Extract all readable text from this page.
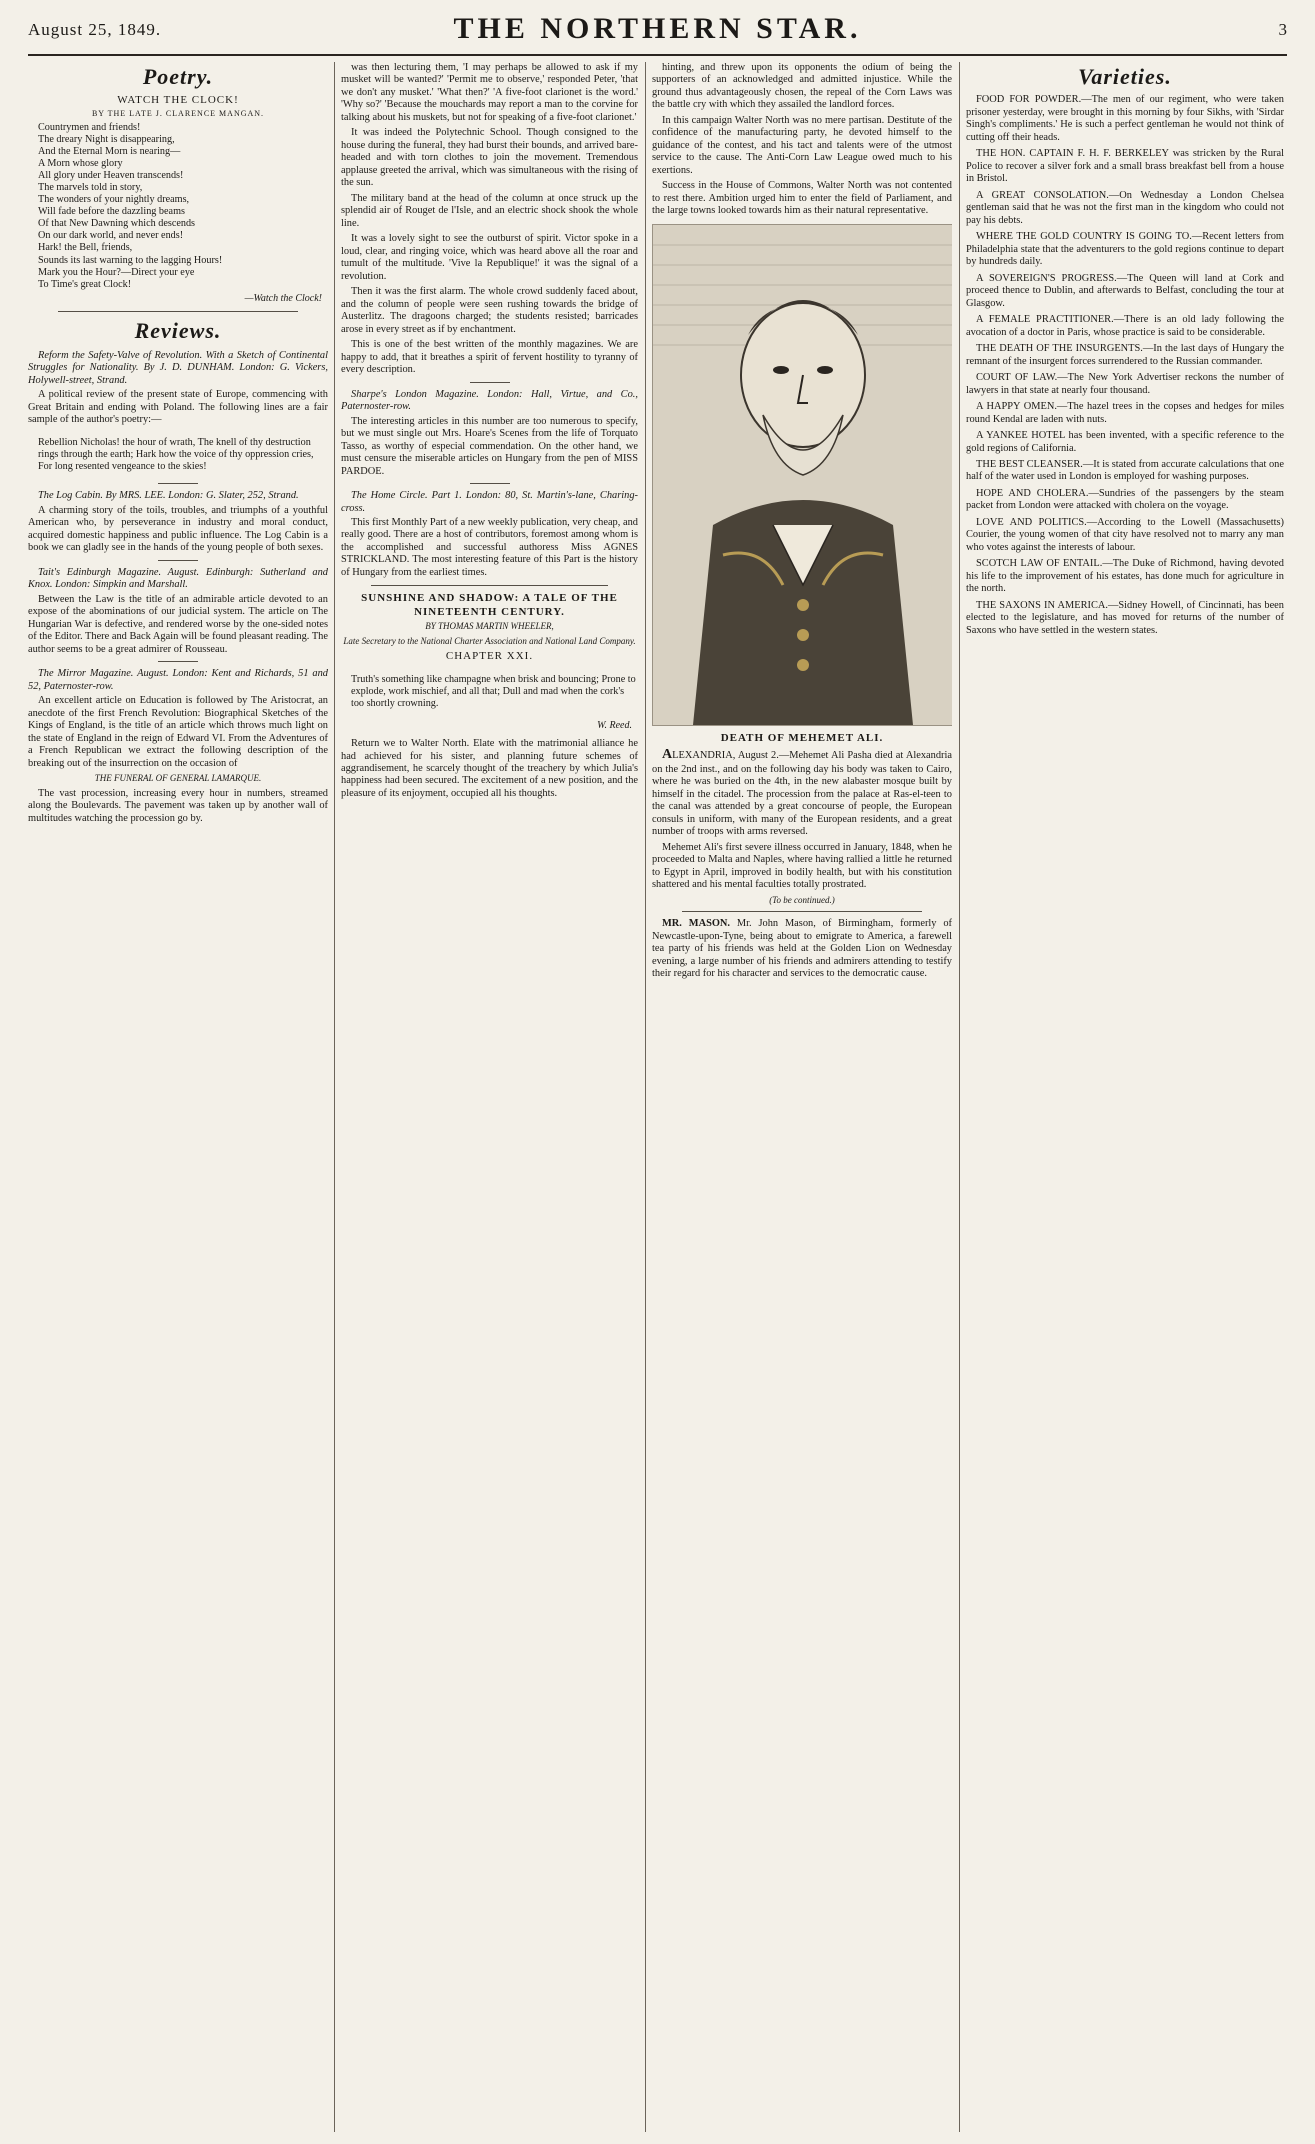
August 25, 1849.	THE NORTHERN STAR.	3
Poetry.
WATCH THE CLOCK!
BY THE LATE J. CLARENCE MANGAN.

Countrymen and friends!

The dreary Night is disappearing,

And the Eternal Morn is nearing—

A Morn whose glory

All glory under Heaven transcends!

The marvels told in story,

The wonders of your nightly dreams,

Will fade before the dazzling beams

Of that New Dawning which descends

On our dark world, and never ends!

Hark! the Bell, friends,

Sounds its last warning to the lagging Hours!

Mark you the Hour?—Direct your eye

To Time's great Clock!

—Watch the Clock!
Reviews.

Reform the Safety-Valve of Revolution. With a Sketch of Continental Struggles for Nationality. By J. D. DUNHAM. London: G. Vickers, Holywell-street, Strand.

A political review of the present state of Europe, commencing with Great Britain and ending with Poland. The following lines are a fair sample of the author's poetry:—

Rebellion Nicholas! the hour of wrath, The knell of thy destruction rings through the earth; Hark how the voice of thy oppression cries, For long resented vengeance to the skies!

The Log Cabin. By MRS. LEE. London: G. Slater, 252, Strand.

A charming story of the toils, troubles, and triumphs of a youthful American who, by perseverance in industry and moral conduct, acquired domestic happiness and public influence. The Log Cabin is a book we can gladly see in the hands of the young people of both sexes.

Tait's Edinburgh Magazine. August. Edinburgh: Sutherland and Knox. London: Simpkin and Marshall.

Between the Law is the title of an admirable article devoted to an expose of the abominations of our judicial system. The article on The Hungarian War is defective, and rendered worse by the one-sided notes of the Editor. There and Back Again will be found pleasant reading. The author seems to be a great admirer of Rousseau.

The Mirror Magazine. August. London: Kent and Richards, 51 and 52, Paternoster-row.

An excellent article on Education is followed by The Aristocrat, an anecdote of the first French Revolution: Biographical Sketches of the Kings of England, is the title of an article which throws much light on the state of England in the reign of Edward VI. From the Adventures of a French Republican we extract the following description of the breaking out of the insurrection on the occasion of

THE FUNERAL OF GENERAL LAMARQUE.

The vast procession, increasing every hour in numbers, streamed along the Boulevards. The pavement was taken up by another wall of multitudes watching the procession go by.

was then lecturing them, 'I may perhaps be allowed to ask if my musket will be wanted?' 'Permit me to observe,' responded Peter, 'that we don't any musket.' 'What then?' 'A five-foot clarionet is the word.' 'Why so?' 'Because the mouchards may report a man to the corvine for talking about his muskets, but not for speaking of a five-foot clarionet.'

It was indeed the Polytechnic School. Though consigned to the house during the funeral, they had burst their bounds, and arrived bare-headed and with torn clothes to join the movement. Tremendous applause greeted the arrival, which was simultaneous with the rising of the sun.

The military band at the head of the column at once struck up the splendid air of Rouget de l'Isle, and an electric shock shook the whole line.

It was a lovely sight to see the outburst of spirit. Victor spoke in a loud, clear, and ringing voice, which was heard above all the roar and tumult of the multitude. 'Vive la Republique!' it was the signal of a revolution.

Then it was the first alarm. The whole crowd suddenly faced about, and the column of people were seen rushing towards the bridge of Austerlitz. The dragoons charged; the students resisted; barricades arose in every street as if by enchantment.

This is one of the best written of the monthly magazines. We are happy to add, that it breathes a spirit of fervent hostility to tyranny of every description.

Sharpe's London Magazine. London: Hall, Virtue, and Co., Paternoster-row.

The interesting articles in this number are too numerous to specify, but we must single out Mrs. Hoare's Scenes from the life of Torquato Tasso, as worthy of especial commendation. On the other hand, we must censure the miserable articles on Hungary from the pen of MISS PARDOE.

The Home Circle. Part 1. London: 80, St. Martin's-lane, Charing-cross.

This first Monthly Part of a new weekly publication, very cheap, and really good. There are a host of contributors, foremost among whom is the accomplished and successful authoress Miss AGNES STRICKLAND. The most interesting feature of this Part is the history of Hungary from the earliest times.

SUNSHINE AND SHADOW: A TALE OF THE NINETEENTH CENTURY.
BY THOMAS MARTIN WHEELER,
Late Secretary to the National Charter Association and National Land Company.
CHAPTER XXI.

Truth's something like champagne when brisk and bouncing; Prone to explode, work mischief, and all that; Dull and mad when the cork's too shortly crowning.

W. Reed.

Return we to Walter North. Elate with the matrimonial alliance he had achieved for his sister, and planning future schemes of aggrandisement, he scarcely thought of the treachery by which Julia's happiness had been secured. The excitement of a new position, and the pleasure of its enjoyment, occupied all his thoughts.

hinting, and threw upon its opponents the odium of being the supporters of an acknowledged and admitted injustice. While the ground thus advantageously chosen, the repeal of the Corn Laws was the battle cry with which they assailed the landlord forces.

In this campaign Walter North was no mere partisan. Destitute of the confidence of the manufacturing party, he devoted himself to the guidance of the contest, and his tact and talents were of the utmost service to the cause. The Anti-Corn Law League owed much to his exertions.

Success in the House of Commons, Walter North was not contented to rest there. Ambition urged him to enter the field of Parliament, and the large towns looked towards him as their natural representative.

DEATH OF MEHEMET ALI.

ALEXANDRIA, August 2.—Mehemet Ali Pasha died at Alexandria on the 2nd inst., and on the following day his body was taken to Cairo, where he was buried on the 4th, in the new alabaster mosque built by himself in the citadel. The procession from the palace at Ras-el-teen to the canal was attended by a great concourse of people, the European consuls in uniform, with many of the European residents, and a great number of troops with arms reversed.

Mehemet Ali's first severe illness occurred in January, 1848, when he proceeded to Malta and Naples, where having rallied a little he returned to Egypt in April, improved in bodily health, but with his constitution shattered and his mental faculties totally prostrated.

(To be continued.)

MR. MASON. Mr. John Mason, of Birmingham, formerly of Newcastle-upon-Tyne, being about to emigrate to America, a farewell tea party of his friends was held at the Golden Lion on Wednesday evening, a large number of his friends and admirers attending to testify their regard for his character and services to the democratic cause.

Varieties.

FOOD FOR POWDER.—The men of our regiment, who were taken prisoner yesterday, were brought in this morning by four Sikhs, with 'Sirdar Singh's compliments.' He is such a perfect gentleman he would not think of cutting off their heads.

THE HON. CAPTAIN F. H. F. BERKELEY was stricken by the Rural Police to recover a silver fork and a small brass breakfast bell from a house in Bristol.

A GREAT CONSOLATION.—On Wednesday a London Chelsea gentleman said that he was not the first man in the kingdom who could not pay his debts.

WHERE THE GOLD COUNTRY IS GOING TO.—Recent letters from Philadelphia state that the adventurers to the gold regions continue to depart by hundreds daily.

A SOVEREIGN'S PROGRESS.—The Queen will land at Cork and proceed thence to Dublin, and afterwards to Belfast, concluding the tour at Glasgow.

A FEMALE PRACTITIONER.—There is an old lady following the avocation of a doctor in Paris, whose practice is said to be considerable.

THE DEATH OF THE INSURGENTS.—In the last days of Hungary the remnant of the insurgent forces surrendered to the Russian commander.

COURT OF LAW.—The New York Advertiser reckons the number of lawyers in that state at nearly four thousand.

A HAPPY OMEN.—The hazel trees in the copses and hedges for miles round Kendal are laden with nuts.

A YANKEE HOTEL has been invented, with a specific reference to the gold regions of California.

THE BEST CLEANSER.—It is stated from accurate calculations that one half of the water used in London is employed for washing purposes.

HOPE AND CHOLERA.—Sundries of the passengers by the steam packet from London were attacked with cholera on the voyage.

LOVE AND POLITICS.—According to the Lowell (Massachusetts) Courier, the young women of that city have resolved not to marry any man who votes against the interests of labour.

SCOTCH LAW OF ENTAIL.—The Duke of Richmond, having devoted his life to the improvement of his estates, has done much for agriculture in the north.

THE SAXONS IN AMERICA.—Sidney Howell, of Cincinnati, has been elected to the legislature, and has moved for returns of the number of Saxons who have settled in the western states.
